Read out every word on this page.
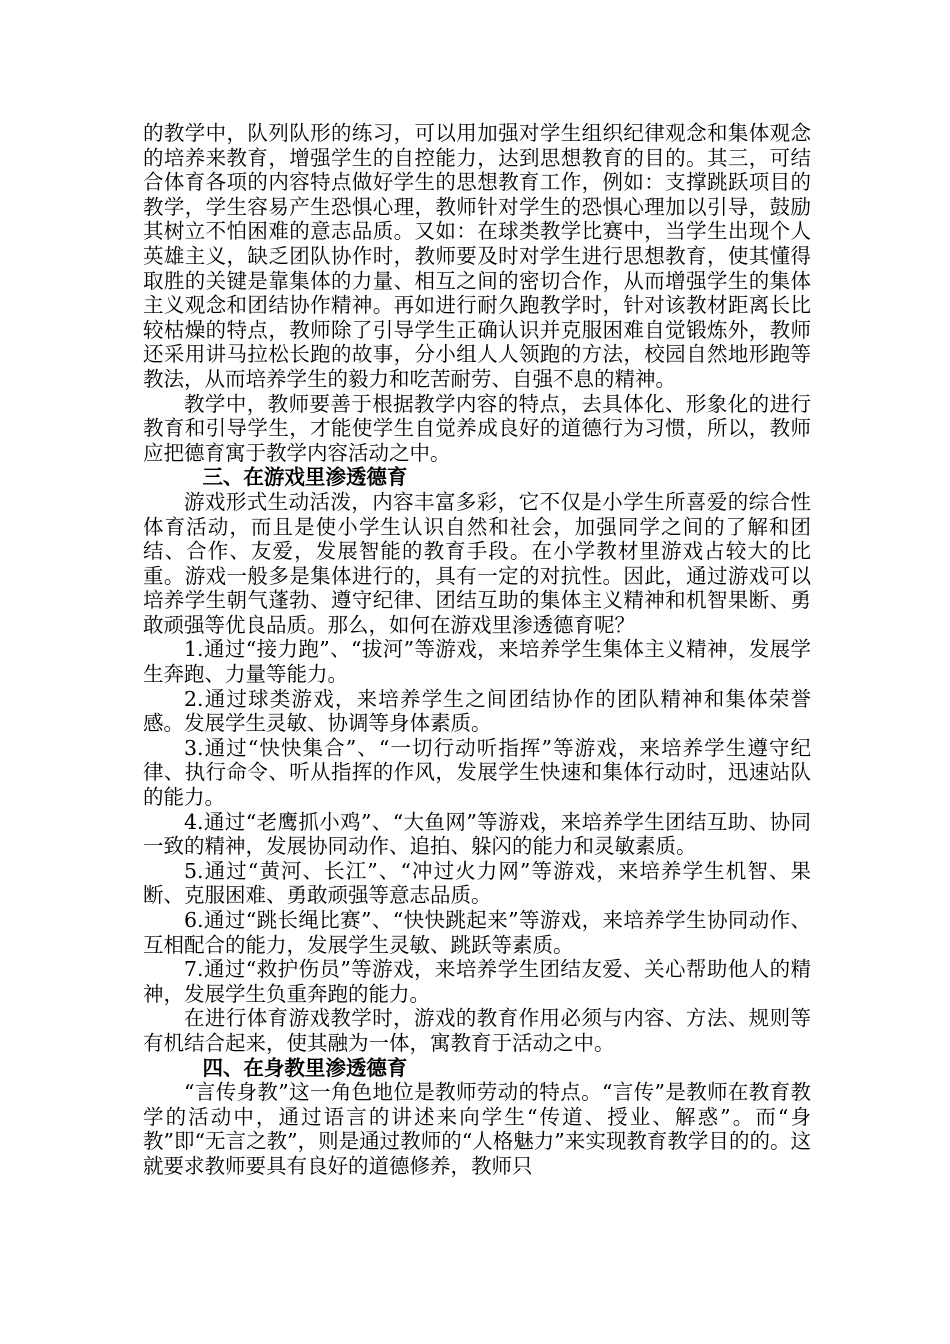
的教学中，队列队形的练习，可以用加强对学生组织纪律观念和集体观念的培养来教育，增强学生的自控能力，达到思想教育的目的。其三，可结合体育各项的内容特点做好学生的思想教育工作，例如：支撑跳跃项目的教学，学生容易产生恐惧心理，教师针对学生的恐惧心理加以引导，鼓励其树立不怕困难的意志品质。又如：在球类教学比赛中，当学生出现个人英雄主义，缺乏团队协作时，教师要及时对学生进行思想教育，使其懂得取胜的关键是靠集体的力量、相互之间的密切合作，从而增强学生的集体主义观念和团结协作精神。再如进行耐久跑教学时，针对该教材距离长比较枯燥的特点，教师除了引导学生正确认识并克服困难自觉锻炼外，教师还采用讲马拉松长跑的故事，分小组人人领跑的方法，校园自然地形跑等教法，从而培养学生的毅力和吃苦耐劳、自强不息的精神。

教学中，教师要善于根据教学内容的特点，去具体化、形象化的进行教育和引导学生，才能使学生自觉养成良好的道德行为习惯，所以，教师应把德育寓于教学内容活动之中。

三、在游戏里渗透德育

游戏形式生动活泼，内容丰富多彩，它不仅是小学生所喜爱的综合性体育活动，而且是使小学生认识自然和社会，加强同学之间的了解和团结、合作、友爱，发展智能的教育手段。在小学教材里游戏占较大的比重。游戏一般多是集体进行的，具有一定的对抗性。因此，通过游戏可以培养学生朝气蓬勃、遵守纪律、团结互助的集体主义精神和机智果断、勇敢顽强等优良品质。那么，如何在游戏里渗透德育呢？

1.通过“接力跑”、“拔河”等游戏，来培养学生集体主义精神，发展学生奔跑、力量等能力。

2.通过球类游戏，来培养学生之间团结协作的团队精神和集体荣誉感。发展学生灵敏、协调等身体素质。

3.通过“快快集合”、“一切行动听指挥”等游戏，来培养学生遵守纪律、执行命令、听从指挥的作风，发展学生快速和集体行动时，迅速站队的能力。

4.通过“老鹰抓小鸡”、“大鱼网”等游戏，来培养学生团结互助、协同一致的精神，发展协同动作、追拍、躲闪的能力和灵敏素质。

5.通过“黄河、长江”、“冲过火力网”等游戏，来培养学生机智、果断、克服困难、勇敢顽强等意志品质。

6.通过“跳长绳比赛”、“快快跳起来”等游戏，来培养学生协同动作、互相配合的能力，发展学生灵敏、跳跃等素质。

7.通过“救护伤员”等游戏，来培养学生团结友爱、关心帮助他人的精神，发展学生负重奔跑的能力。

在进行体育游戏教学时，游戏的教育作用必须与内容、方法、规则等有机结合起来，使其融为一体，寓教育于活动之中。

四、在身教里渗透德育

“言传身教”这一角色地位是教师劳动的特点。“言传”是教师在教育教学的活动中，通过语言的讲述来向学生“传道、授业、解惑”。而“身教”即“无言之教”，则是通过教师的“人格魅力”来实现教育教学目的的。这就要求教师要具有良好的道德修养，教师只
